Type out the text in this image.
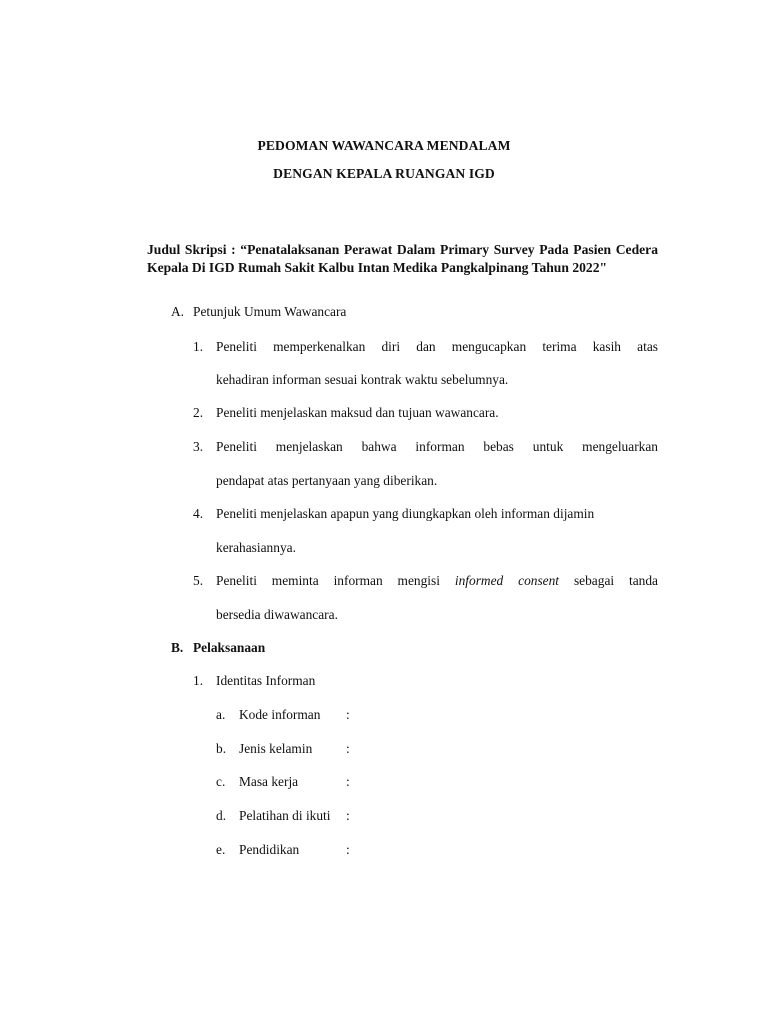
PEDOMAN WAWANCARA MENDALAM
DENGAN KEPALA RUANGAN IGD
Judul Skripsi : “Penatalaksanan Perawat Dalam Primary Survey Pada Pasien Cedera Kepala Di IGD Rumah Sakit Kalbu Intan Medika Pangkalpinang Tahun 2022"
A. Petunjuk Umum Wawancara
1. Peneliti memperkenalkan diri dan mengucapkan terima kasih atas
kehadiran informan sesuai kontrak waktu sebelumnya.
2. Peneliti menjelaskan maksud dan tujuan wawancara.
3. Peneliti menjelaskan bahwa informan bebas untuk mengeluarkan
pendapat atas pertanyaan yang diberikan.
4. Peneliti menjelaskan apapun yang diungkapkan oleh informan dijamin
kerahasiannya.
5. Peneliti meminta informan mengisi informed consent sebagai tanda
bersedia diwawancara.
B. Pelaksanaan
1. Identitas Informan
a.	Kode informan	:
b. Jenis kelamin	:
c.	Masa kerja	:
d. Pelatihan di ikuti	:
e.	Pendidikan	:
